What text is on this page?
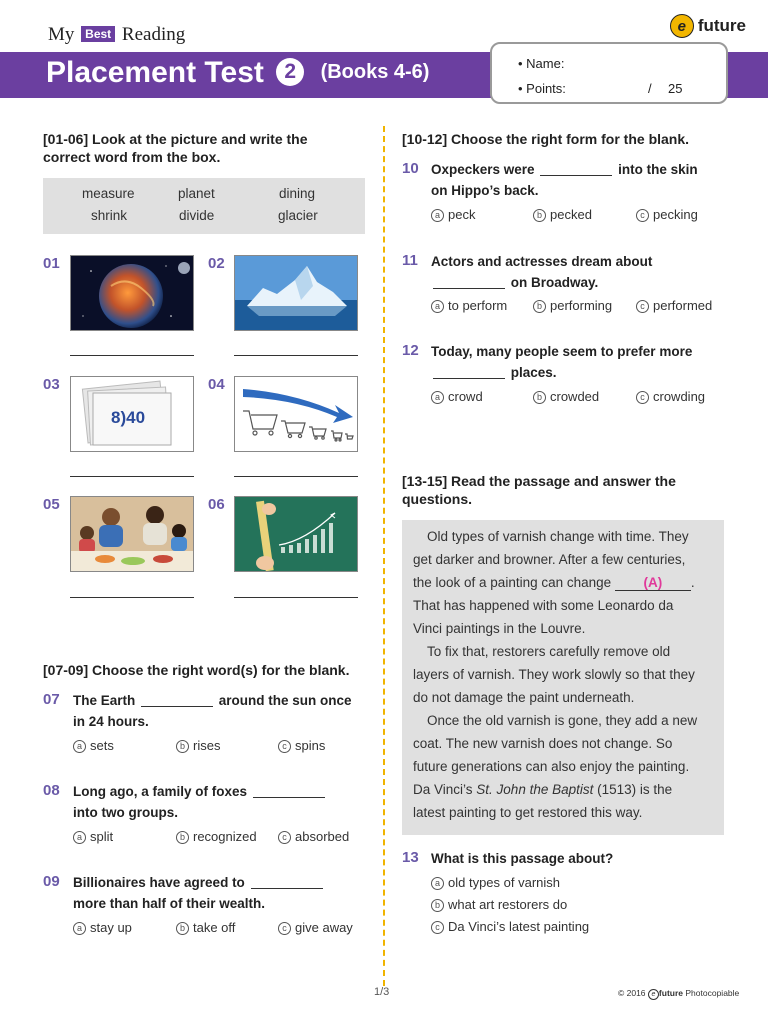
My Best Reading	e future
Placement Test 2 (Books 4-6)	• Name:
• Points:	/ 25
[01-06] Look at the picture and write the
correct word from the box.
measure	planet	dining
shrink	divide	glacier
01	02
03
8)40
04
05	06
[07-09] Choose the right word(s) for the blank.
07 The Earth	around the sun once
in 24 hours.
a sets	b rises	c spins
08 Long ago, a family of foxes
into two groups.
a split	b recognized	c absorbed
09 Billionaires have agreed to
more than half of their wealth.
a stay up	b take off	c give away
[10-12] Choose the right form for the blank.
10 Oxpeckers were	into the skin
on Hippo’s back.
a peck	b pecked	c pecking
11 Actors and actresses dream about
on Broadway.
a to perform	b performing	c performed
12 Today, many people seem to prefer more
places.
a crowd	b crowded	c crowding
[13-15] Read the passage and answer the
questions.
Old types of varnish change with time. They
get darker and browner. After a few centuries,
the look of a painting can change (A) .
That has happened with some Leonardo da
Vinci paintings in the Louvre.
To fix that, restorers carefully remove old
layers of varnish. They work slowly so that they
do not damage the paint underneath.
Once the old varnish is gone, they add a new
coat. The new varnish does not change. So
future generations can also enjoy the painting.
Da Vinci’s St. John the Baptist (1513) is the
latest painting to get restored this way.
13 What is this passage about?
a old types of varnish
b what art restorers do
c Da Vinci’s latest painting
1/3	© 2016 e future Photocopiable
